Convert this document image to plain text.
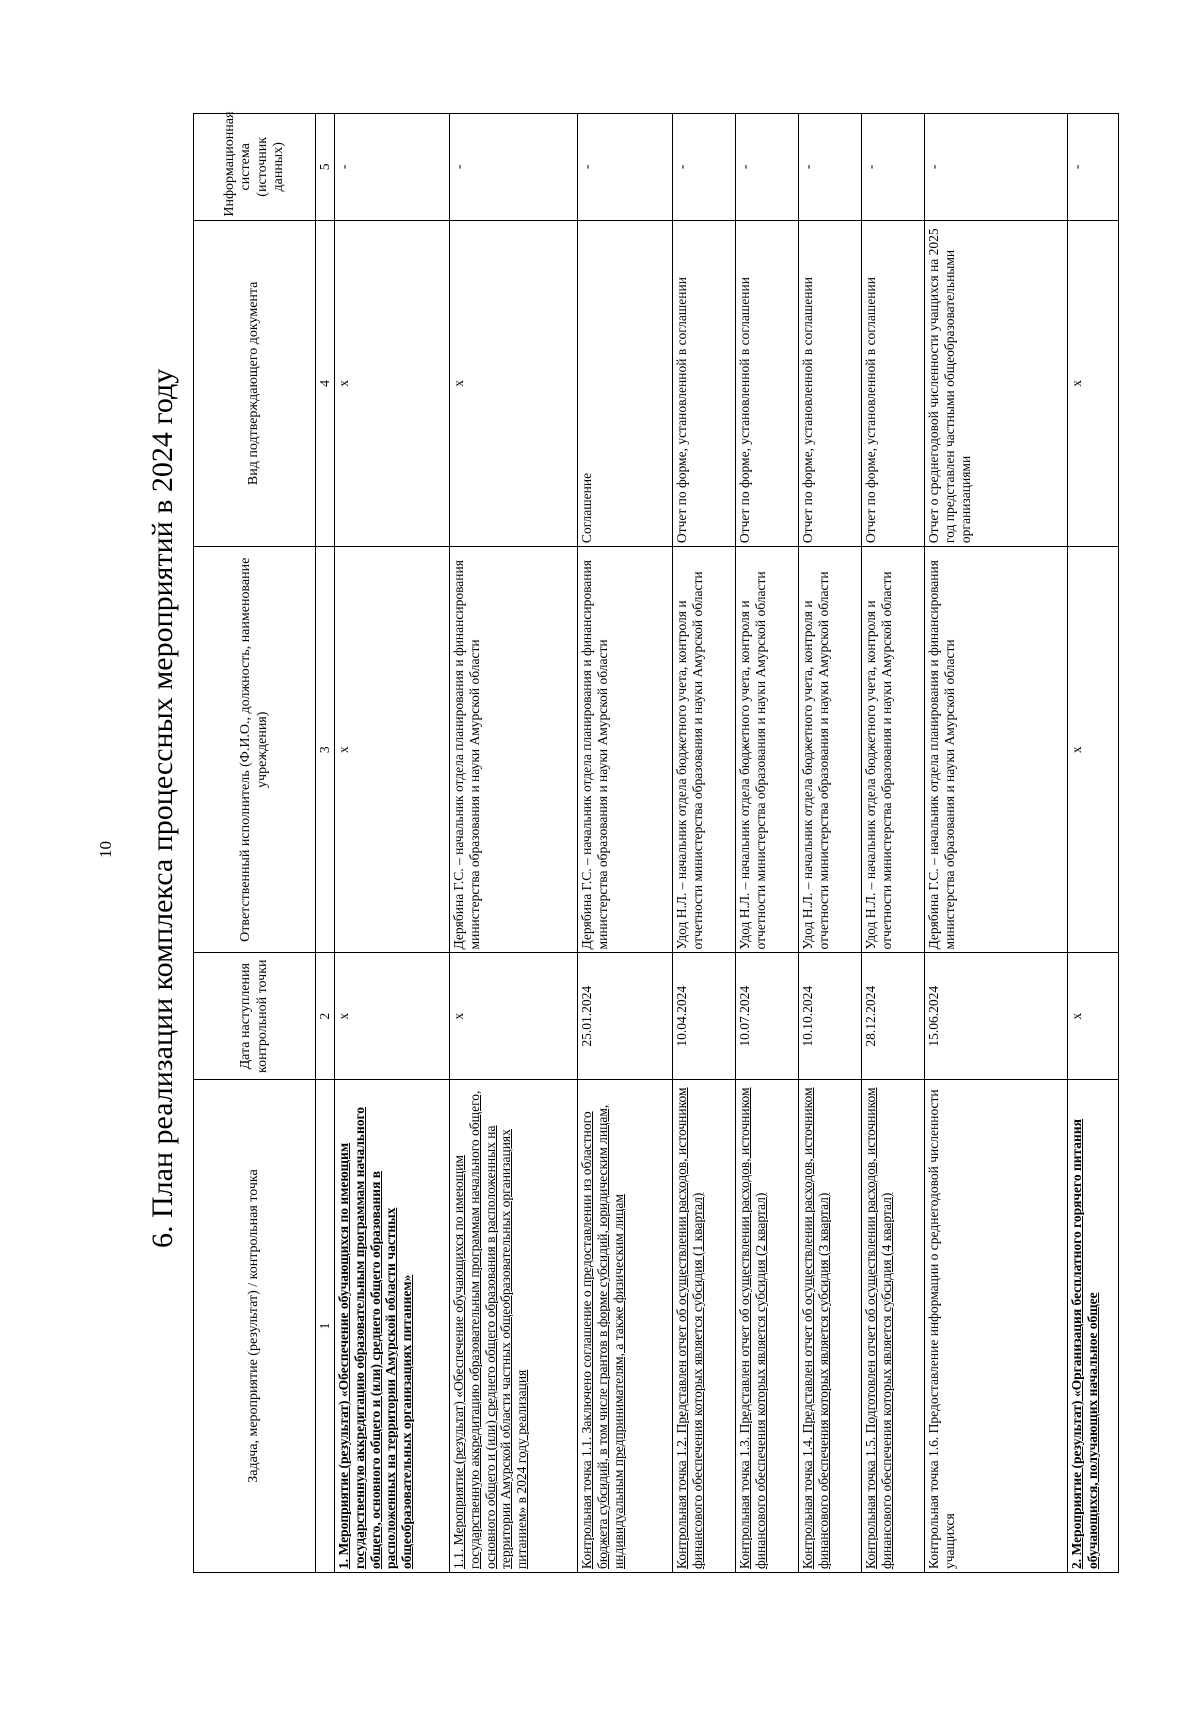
10 6. План реализации комплекса процессных мероприятий в 2024 году
Задача, мероприятие (результат) / контрольная точка	Дата наступления контрольной точки	Ответственный исполнитель (Ф.И.О., должность, наименование учреждения)	Вид подтверждающего документа	Информационная система (источник данных)
1	2	3	4	5
1. Мероприятие (результат) «Обеспечение обучающихся по имеющим государственную аккредитацию образовательным программам начального общего, основного общего и (или) среднего общего образования в расположенных на территории Амурской области частных общеобразовательных организациях питанием»	х	х	х	-
1.1. Мероприятие (результат) «Обеспечение обучающихся по имеющим государственную аккредитацию образовательным программам начального общего, основного общего и (или) среднего общего образования в расположенных на территории Амурской области частных общеобразовательных организациях питанием» в 2024 году реализация	х	Дерябина Г.С. – начальник отдела планирования и финансирования министерства образования и науки Амурской области	х	-
Контрольная точка 1.1. Заключено соглашение о предоставлении из областного бюджета субсидий, в том числе грантов в форме субсидий, юридическим лицам, индивидуальным предпринимателям, а также физическим лицам	25.01.2024	Дерябина Г.С. – начальник отдела планирования и финансирования министерства образования и науки Амурской области	Соглашение	-
Контрольная точка 1.2. Представлен отчет об осуществлении расходов, источником финансового обеспечения которых является субсидия (1 квартал)	10.04.2024	Удод Н.Л. – начальник отдела бюджетного учета, контроля и отчетности министерства образования и науки Амурской области	Отчет по форме, установленной в соглашении	-
Контрольная точка 1.3. Представлен отчет об осуществлении расходов, источником финансового обеспечения которых является субсидия (2 квартал)	10.07.2024	Удод Н.Л. – начальник отдела бюджетного учета, контроля и отчетности министерства образования и науки Амурской области	Отчет по форме, установленной в соглашении	-
Контрольная точка 1.4. Представлен отчет об осуществлении расходов, источником финансового обеспечения которых является субсидия (3 квартал)	10.10.2024	Удод Н.Л. – начальник отдела бюджетного учета, контроля и отчетности министерства образования и науки Амурской области	Отчет по форме, установленной в соглашении	-
Контрольная точка 1.5. Подготовлен отчет об осуществлении расходов, источником финансового обеспечения которых является субсидия (4 квартал)	28.12.2024	Удод Н.Л. – начальник отдела бюджетного учета, контроля и отчетности министерства образования и науки Амурской области	Отчет по форме, установленной в соглашении	-
Контрольная точка 1.6. Предоставление информации о среднегодовой численности учащихся	15.06.2024	Дерябина Г.С. – начальник отдела планирования и финансирования министерства образования и науки Амурской области	Отчет о среднегодовой численности учащихся на 2025 год представлен частными общеобразовательными организациями	-
2. Мероприятие (результат) «Организация бесплатного горячего питания обучающихся, получающих начальное общее	х	х	х	-
